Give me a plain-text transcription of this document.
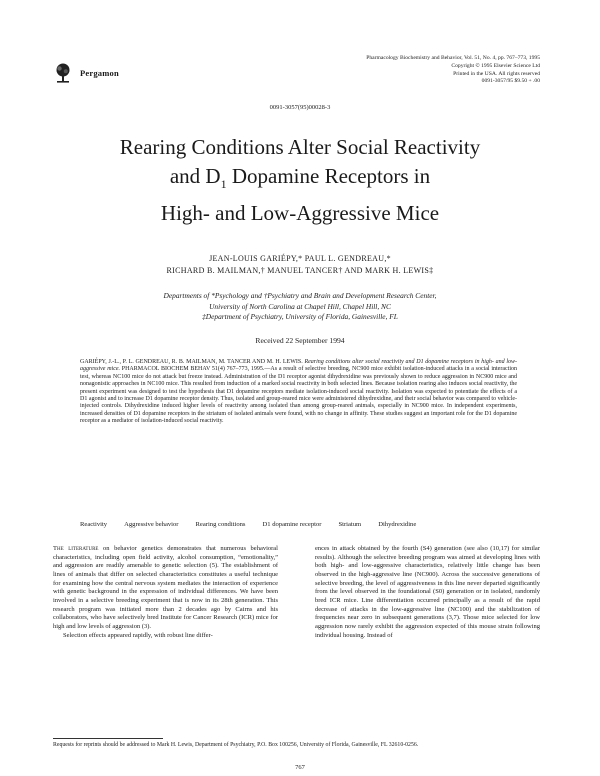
Pergamon
Pharmacology Biochemistry and Behavior, Vol. 51, No. 4, pp. 767–773, 1995
Copyright © 1995 Elsevier Science Ltd
Printed in the USA. All rights reserved
0091-3057/95 $9.50 + .00
0091-3057(95)00028-3
Rearing Conditions Alter Social Reactivity
and $D_1$ Dopamine Receptors in
High- and Low-Aggressive Mice
JEAN-LOUIS GARIÉPY,* PAUL L. GENDREAU,*
RICHARD B. MAILMAN,† MANUEL TANCER† AND MARK H. LEWIS‡
Departments of *Psychology and †Psychiatry and Brain and Development Research Center,
University of North Carolina at Chapel Hill, Chapel Hill, NC
‡Department of Psychiatry, University of Florida, Gainesville, FL
Received 22 September 1994
GARIÉPY, J.-L., P. L. GENDREAU, R. B. MAILMAN, M. TANCER AND M. H. LEWIS. Rearing conditions alter social reactivity and D1 dopamine receptors in high- and low-aggressive mice. PHARMACOL BIOCHEM BEHAV 51(4) 767–773, 1995.—As a result of selective breeding, NC900 mice exhibit isolation-induced attacks in a social interaction test, whereas NC100 mice do not attack but freeze instead. Administration of the D1 receptor agonist dihydrexidine was previously shown to reduce aggression in NC900 mice and nonagonistic approaches in NC100 mice. This resulted from induction of a marked social reactivity in both selected lines. Because isolation rearing also induces social reactivity, the present experiment was designed to test the hypothesis that D1 dopamine receptors mediate isolation-induced social reactivity. Isolation was expected to potentiate the effects of a D1 agonist and to increase D1 dopamine receptor density. Thus, isolated and group-reared mice were administered dihydrexidine, and their social behavior was compared to vehicle-injected controls. Dihydrexidine induced higher levels of reactivity among isolated than among group-reared animals, especially in NC900 mice. In independent experiments, increased densities of D1 dopamine receptors in the striatum of isolated animals were found, with no change in affinity. These studies suggest an important role for the D1 dopamine receptor as a mediator of isolation-induced social reactivity.
Reactivity	Aggressive behavior	Rearing conditions	D1 dopamine receptor	Striatum	Dihydrexidine

The literature on behavior genetics demonstrates that numerous behavioral characteristics, including open field activity, alcohol consumption, “emotionality,” and aggression are readily amenable to genetic selection (5). The establishment of lines of animals that differ on selected characteristics constitutes a useful technique for examining how the central nervous system mediates the interaction of experience with genetic background in the expression of individual differences. We have been involved in a selective breeding experiment that is now in its 28th generation. This research program was initiated more than 2 decades ago by Cairns and his collaborators, who have selectively bred Institute for Cancer Research (ICR) mice for high and low levels of aggression (3).

Selection effects appeared rapidly, with robust line differ-

ences in attack obtained by the fourth (S4) generation (see also (10,17) for similar results). Although the selective breeding program was aimed at developing lines with both high- and low-aggressive characteristics, relatively little change has been observed in the high-aggressive line (NC900). Across the successive generations of selective breeding, the level of aggressiveness in this line never departed significantly from the level observed in the foundational (S0) generation or in isolated, randomly bred ICR mice. Line differentiation occurred principally as a result of the rapid decrease of attacks in the low-aggressive line (NC100) and the stabilization of frequencies near zero in subsequent generations (3,7). Those mice selected for low aggression now rarely exhibit the aggression expected of this mouse strain following individual housing. Instead of

Requests for reprints should be addressed to Mark H. Lewis, Department of Psychiatry, P.O. Box 100256, University of Florida, Gainesville, FL 32610-0256.
767
